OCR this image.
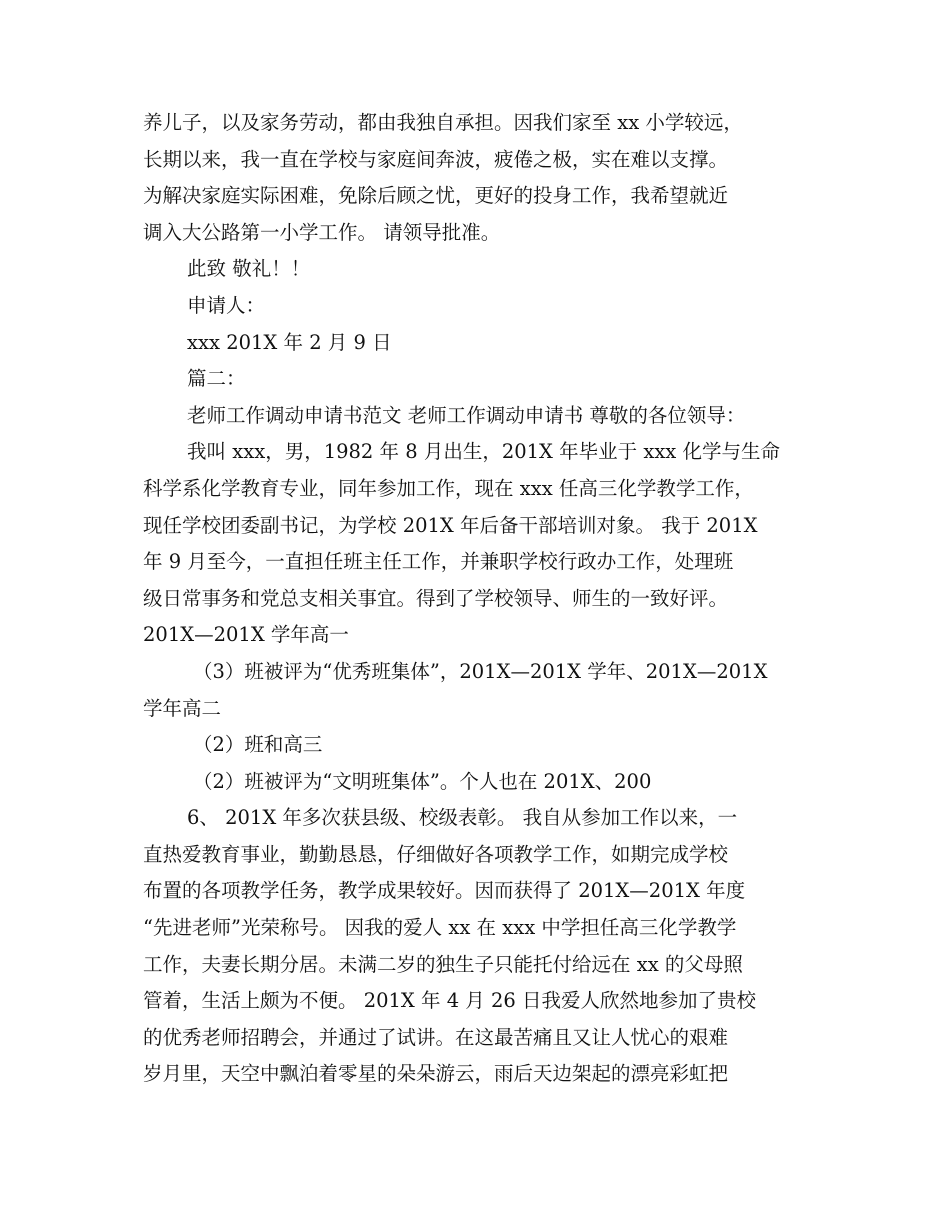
养儿子，以及家务劳动，都由我独自承担。因我们家至 xx 小学较远，
长期以来，我一直在学校与家庭间奔波，疲倦之极，实在难以支撑。
为解决家庭实际困难，免除后顾之忧，更好的投身工作，我希望就近
调入大公路第一小学工作。 请领导批准。
此致 敬礼！！
申请人：
xxx 201X 年 2 月 9 日
篇二：
老师工作调动申请书范文 老师工作调动申请书 尊敬的各位领导：
我叫 xxx，男，1982 年 8 月出生，201X 年毕业于 xxx 化学与生命
科学系化学教育专业，同年参加工作，现在 xxx 任高三化学教学工作，
现任学校团委副书记，为学校 201X 年后备干部培训对象。 我于 201X
年 9 月至今，一直担任班主任工作，并兼职学校行政办工作，处理班
级日常事务和党总支相关事宜。得到了学校领导、师生的一致好评。
201X—201X 学年高一
（3）班被评为“优秀班集体”，201X—201X 学年、201X—201X
学年高二
（2）班和高三
（2）班被评为“文明班集体”。个人也在 201X、200
6、 201X 年多次获县级、校级表彰。 我自从参加工作以来，一
直热爱教育事业，勤勤恳恳，仔细做好各项教学工作，如期完成学校
布置的各项教学任务，教学成果较好。因而获得了 201X—201X 年度
“先进老师”光荣称号。 因我的爱人 xx 在 xxx 中学担任高三化学教学
工作，夫妻长期分居。未满二岁的独生子只能托付给远在 xx 的父母照
管着，生活上颇为不便。 201X 年 4 月 26 日我爱人欣然地参加了贵校
的优秀老师招聘会，并通过了试讲。在这最苦痛且又让人忧心的艰难
岁月里，天空中飘泊着零星的朵朵游云，雨后天边架起的漂亮彩虹把
